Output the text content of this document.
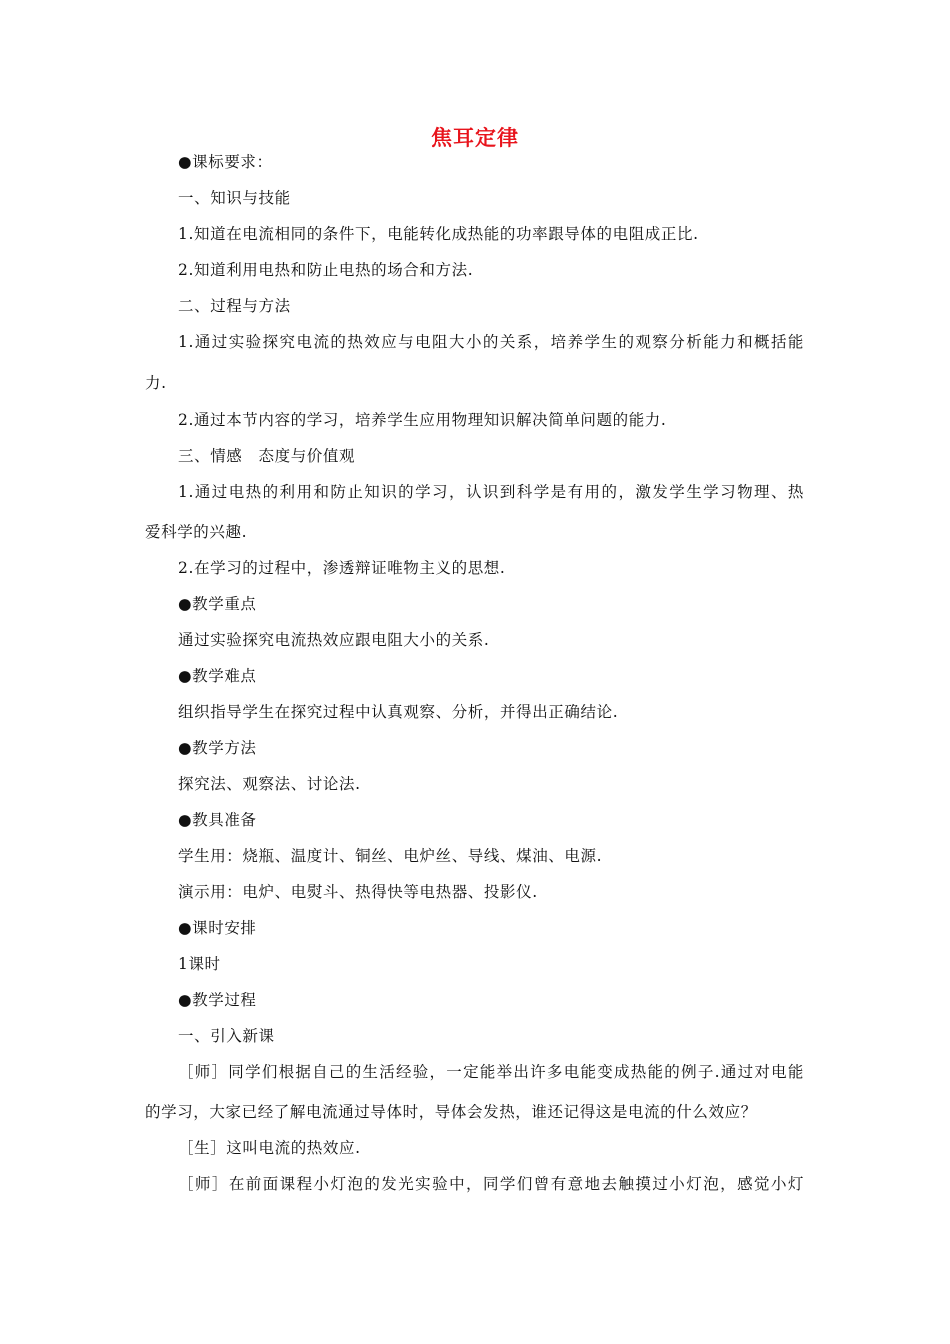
焦耳定律
●课标要求：
一、知识与技能
1.知道在电流相同的条件下，电能转化成热能的功率跟导体的电阻成正比.
2.知道利用电热和防止电热的场合和方法.
二、过程与方法
1.通过实验探究电流的热效应与电阻大小的关系，培养学生的观察分析能力和概括能
力.
2.通过本节内容的学习，培养学生应用物理知识解决简单问题的能力.
三、情感　态度与价值观
1.通过电热的利用和防止知识的学习，认识到科学是有用的，激发学生学习物理、热
爱科学的兴趣.
2.在学习的过程中，渗透辩证唯物主义的思想.
●教学重点
通过实验探究电流热效应跟电阻大小的关系.
●教学难点
组织指导学生在探究过程中认真观察、分析，并得出正确结论.
●教学方法
探究法、观察法、讨论法.
●教具准备
学生用：烧瓶、温度计、铜丝、电炉丝、导线、煤油、电源.
演示用：电炉、电熨斗、热得快等电热器、投影仪.
●课时安排
1课时
●教学过程
一、引入新课
［师］同学们根据自己的生活经验，一定能举出许多电能变成热能的例子.通过对电能
的学习，大家已经了解电流通过导体时，导体会发热，谁还记得这是电流的什么效应？
［生］这叫电流的热效应.
［师］在前面课程小灯泡的发光实验中，同学们曾有意地去触摸过小灯泡，感觉小灯
